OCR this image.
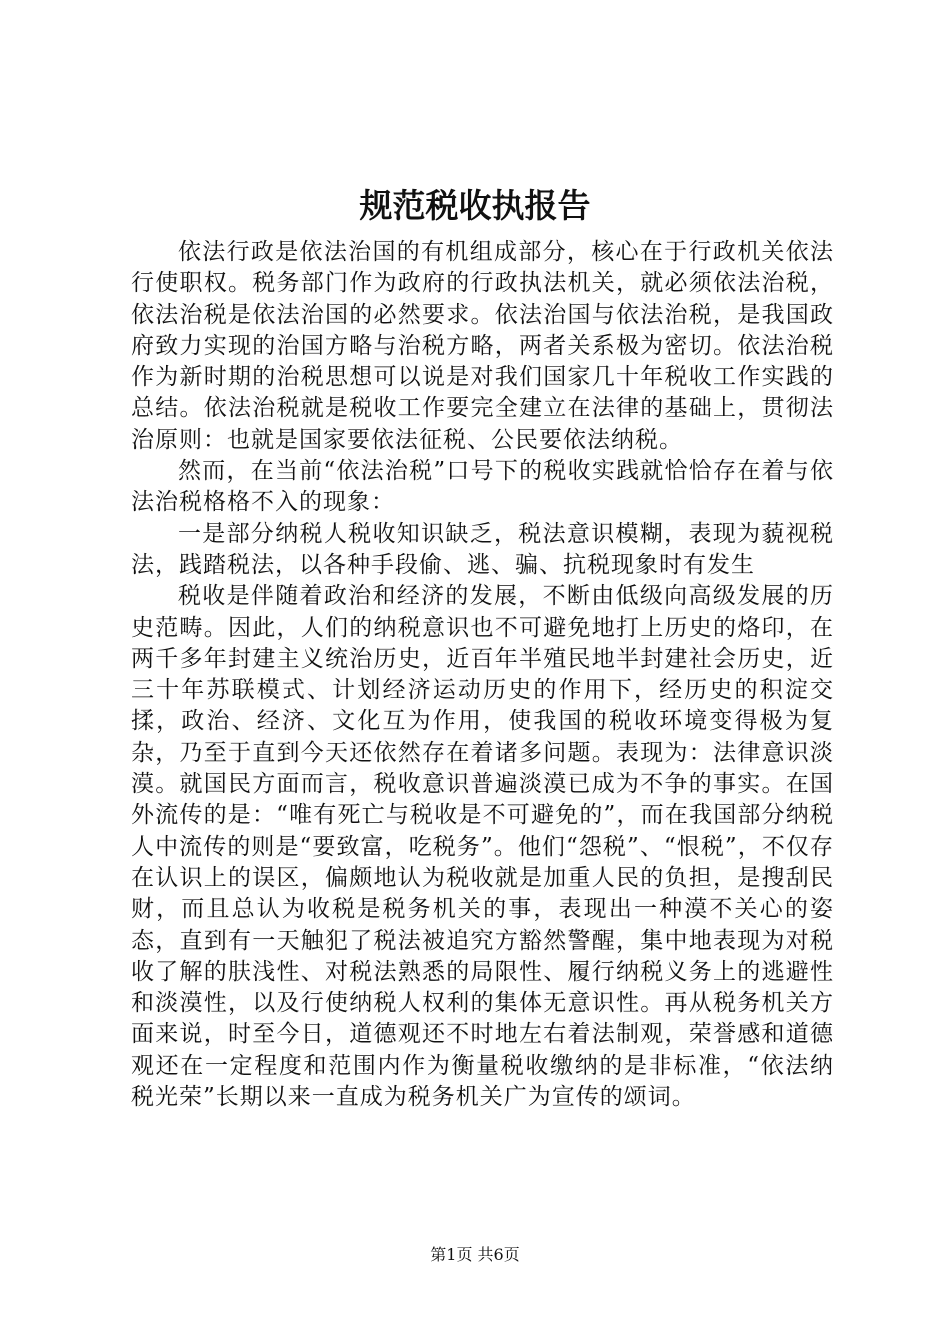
规范税收执报告

依法行政是依法治国的有机组成部分，核心在于行政机关依法行使职权。税务部门作为政府的行政执法机关，就必须依法治税，依法治税是依法治国的必然要求。依法治国与依法治税，是我国政府致力实现的治国方略与治税方略，两者关系极为密切。依法治税作为新时期的治税思想可以说是对我们国家几十年税收工作实践的总结。依法治税就是税收工作要完全建立在法律的基础上，贯彻法治原则：也就是国家要依法征税、公民要依法纳税。

然而，在当前“依法治税”口号下的税收实践就恰恰存在着与依法治税格格不入的现象：

一是部分纳税人税收知识缺乏，税法意识模糊，表现为藐视税法，践踏税法，以各种手段偷、逃、骗、抗税现象时有发生

税收是伴随着政治和经济的发展，不断由低级向高级发展的历史范畴。因此，人们的纳税意识也不可避免地打上历史的烙印，在两千多年封建主义统治历史，近百年半殖民地半封建社会历史，近三十年苏联模式、计划经济运动历史的作用下，经历史的积淀交揉，政治、经济、文化互为作用，使我国的税收环境变得极为复杂，乃至于直到今天还依然存在着诸多问题。表现为：法律意识淡漠。就国民方面而言，税收意识普遍淡漠已成为不争的事实。在国外流传的是：“唯有死亡与税收是不可避免的”，而在我国部分纳税人中流传的则是“要致富，吃税务”。他们“怨税”、“恨税”，不仅存在认识上的误区，偏颇地认为税收就是加重人民的负担，是搜刮民财，而且总认为收税是税务机关的事，表现出一种漠不关心的姿态，直到有一天触犯了税法被追究方豁然警醒，集中地表现为对税收了解的肤浅性、对税法熟悉的局限性、履行纳税义务上的逃避性和淡漠性，以及行使纳税人权利的集体无意识性。再从税务机关方面来说，时至今日，道德观还不时地左右着法制观，荣誉感和道德观还在一定程度和范围内作为衡量税收缴纳的是非标准，“依法纳税光荣”长期以来一直成为税务机关广为宣传的颂词。

第1页 共6页
